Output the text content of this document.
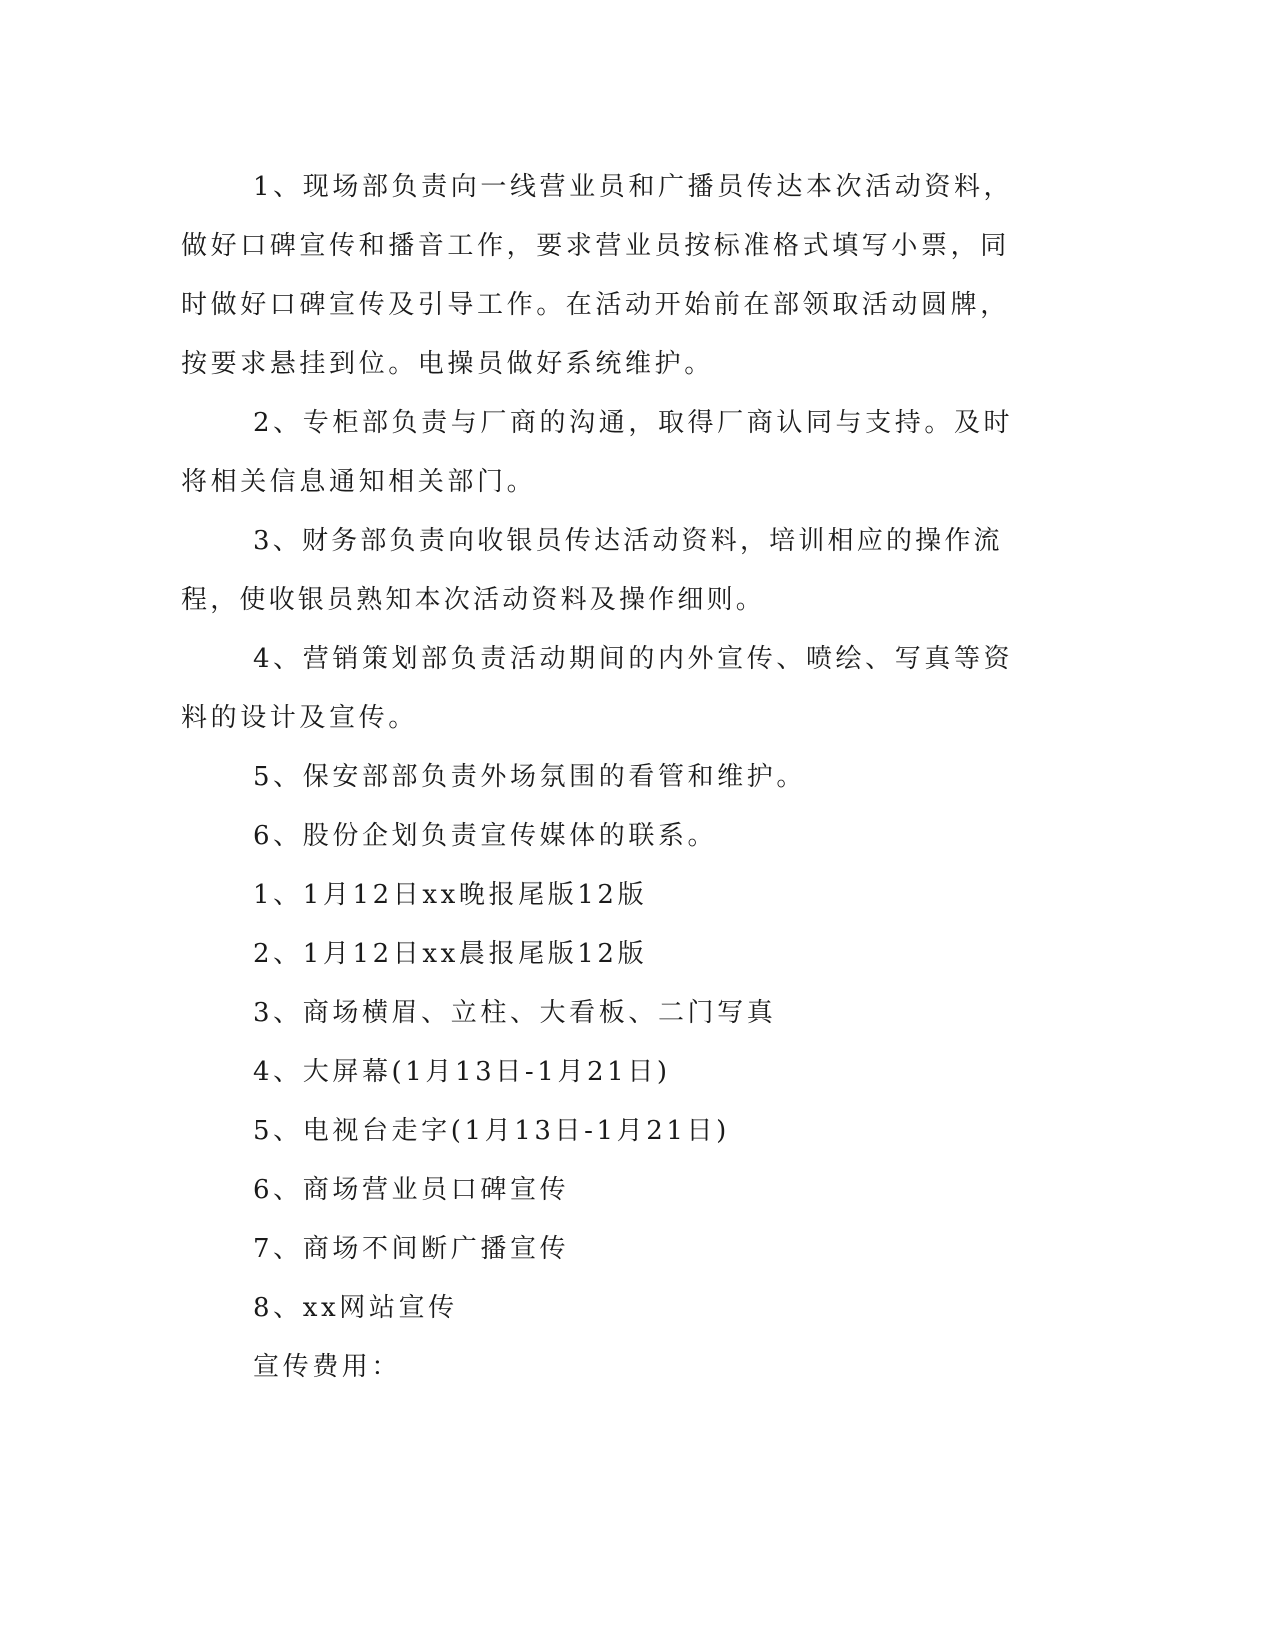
1、现场部负责向一线营业员和广播员传达本次活动资料，做好口碑宣传和播音工作，要求营业员按标准格式填写小票，同时做好口碑宣传及引导工作。在活动开始前在部领取活动圆牌，按要求悬挂到位。电操员做好系统维护。

2、专柜部负责与厂商的沟通，取得厂商认同与支持。及时将相关信息通知相关部门。

3、财务部负责向收银员传达活动资料，培训相应的操作流程，使收银员熟知本次活动资料及操作细则。

4、营销策划部负责活动期间的内外宣传、喷绘、写真等资料的设计及宣传。

5、保安部部负责外场氛围的看管和维护。

6、股份企划负责宣传媒体的联系。

1、1月12日xx晚报尾版12版

2、1月12日xx晨报尾版12版

3、商场横眉、立柱、大看板、二门写真

4、大屏幕(1月13日-1月21日)

5、电视台走字(1月13日-1月21日)

6、商场营业员口碑宣传

7、商场不间断广播宣传

8、xx网站宣传

宣传费用：
